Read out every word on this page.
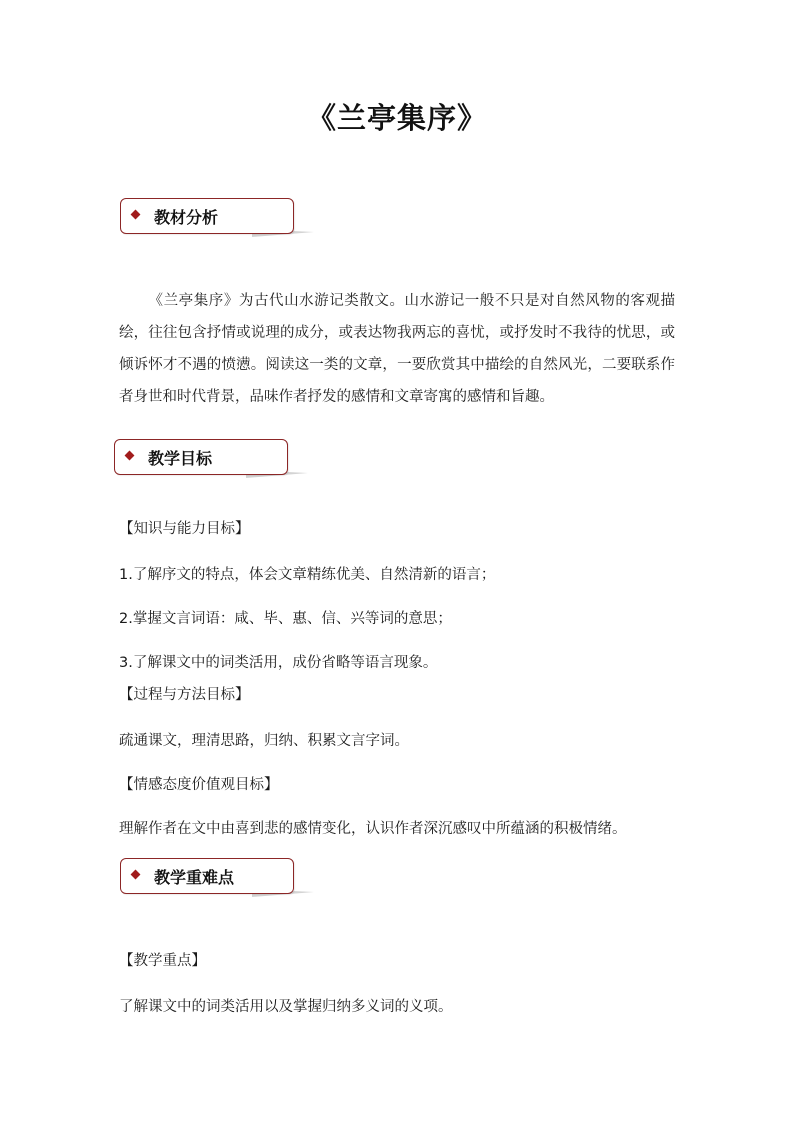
《兰亭集序》
教材分析

《兰亭集序》为古代山水游记类散文。山水游记一般不只是对自然风物的客观描绘，往往包含抒情或说理的成分，或表达物我两忘的喜忧，或抒发时不我待的忧思，或倾诉怀才不遇的愤懑。阅读这一类的文章，一要欣赏其中描绘的自然风光，二要联系作者身世和时代背景，品味作者抒发的感情和文章寄寓的感情和旨趣。

教学目标

【知识与能力目标】

1.了解序文的特点，体会文章精练优美、自然清新的语言；

2.掌握文言词语：咸、毕、惠、信、兴等词的意思；

3.了解课文中的词类活用，成份省略等语言现象。

【过程与方法目标】

疏通课文，理清思路，归纳、积累文言字词。

【情感态度价值观目标】

理解作者在文中由喜到悲的感情变化，认识作者深沉感叹中所蕴涵的积极情绪。

教学重难点

【教学重点】

了解课文中的词类活用以及掌握归纳多义词的义项。
